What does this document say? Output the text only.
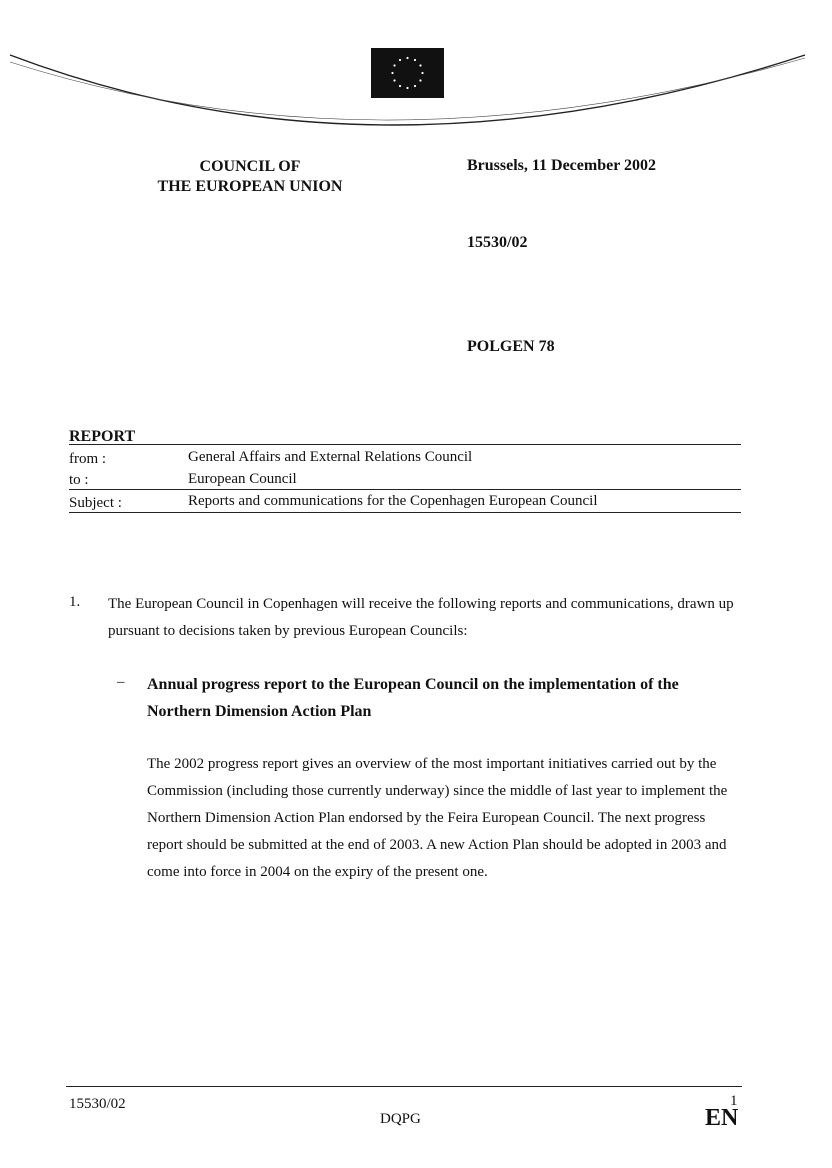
COUNCIL OF
THE EUROPEAN UNION
Brussels, 11 December 2002
15530/02
POLGEN 78
REPORT
from :	General Affairs and External Relations Council
to :	European Council
Subject :	Reports and communications for the Copenhagen European Council
1. The European Council in Copenhagen will receive the following reports and communications, drawn up pursuant to decisions taken by previous European Councils:
– Annual progress report to the European Council on the implementation of the Northern Dimension Action Plan
The 2002 progress report gives an overview of the most important initiatives carried out by the Commission (including those currently underway) since the middle of last year to implement the Northern Dimension Action Plan endorsed by the Feira European Council. The next progress report should be submitted at the end of 2003. A new Action Plan should be adopted in 2003 and come into force in 2004 on the expiry of the present one.
15530/02
DQPG
1
EN
